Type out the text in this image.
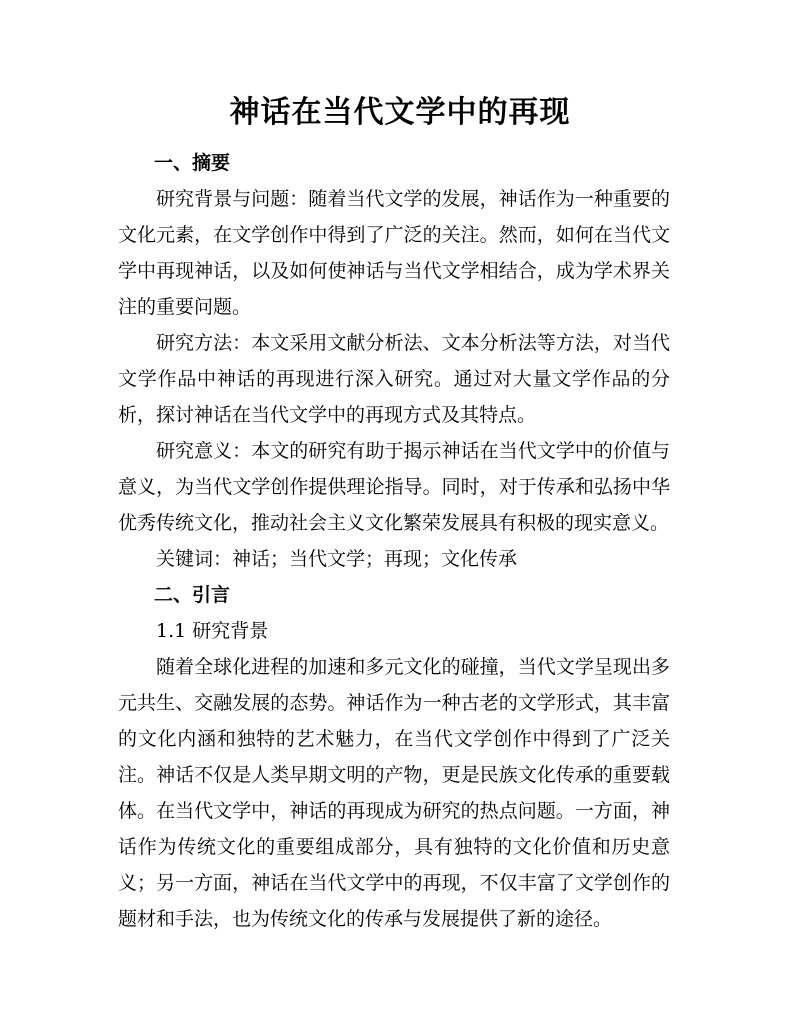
神话在当代文学中的再现
一、摘要

研究背景与问题：随着当代文学的发展，神话作为一种重要的文化元素，在文学创作中得到了广泛的关注。然而，如何在当代文学中再现神话，以及如何使神话与当代文学相结合，成为学术界关注的重要问题。

研究方法：本文采用文献分析法、文本分析法等方法，对当代文学作品中神话的再现进行深入研究。通过对大量文学作品的分析，探讨神话在当代文学中的再现方式及其特点。

研究意义：本文的研究有助于揭示神话在当代文学中的价值与意义，为当代文学创作提供理论指导。同时，对于传承和弘扬中华优秀传统文化，推动社会主义文化繁荣发展具有积极的现实意义。

关键词：神话；当代文学；再现；文化传承

二、引言

1.1 研究背景

随着全球化进程的加速和多元文化的碰撞，当代文学呈现出多元共生、交融发展的态势。神话作为一种古老的文学形式，其丰富的文化内涵和独特的艺术魅力，在当代文学创作中得到了广泛关注。神话不仅是人类早期文明的产物，更是民族文化传承的重要载体。在当代文学中，神话的再现成为研究的热点问题。一方面，神话作为传统文化的重要组成部分，具有独特的文化价值和历史意义；另一方面，神话在当代文学中的再现，不仅丰富了文学创作的题材和手法，也为传统文化的传承与发展提供了新的途径。
